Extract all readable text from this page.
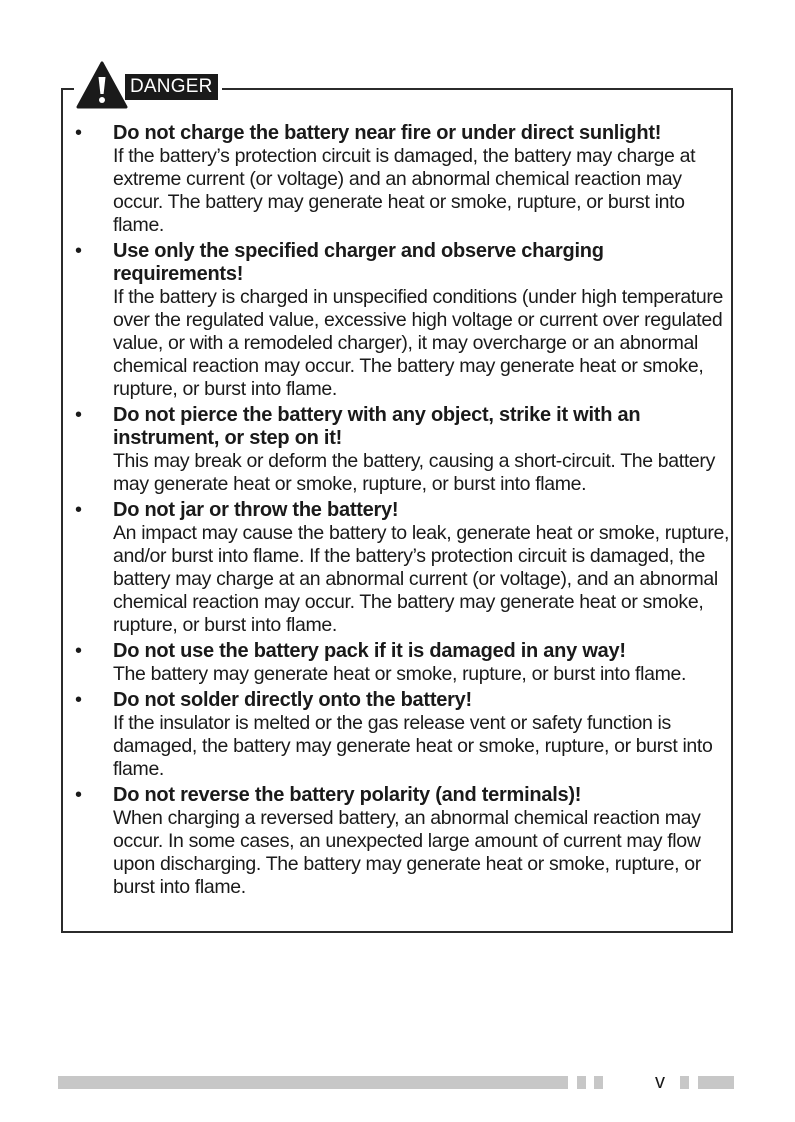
DANGER
• Do not charge the battery near fire or under direct sunlight!
If the battery’s protection circuit is damaged, the battery may charge at extreme current (or voltage) and an abnormal chemical reaction may occur. The battery may generate heat or smoke, rupture, or burst into flame.
• Use only the specified charger and observe charging requirements!
If the battery is charged in unspecified conditions (under high temperature over the regulated value, excessive high voltage or current over regulated value, or with a remodeled charger), it may overcharge or an abnormal chemical reaction may occur. The battery may generate heat or smoke, rupture, or burst into flame.
• Do not pierce the battery with any object, strike it with an instrument, or step on it!
This may break or deform the battery, causing a short-circuit. The battery may generate heat or smoke, rupture, or burst into flame.
• Do not jar or throw the battery!
An impact may cause the battery to leak, generate heat or smoke, rupture, and/or burst into flame. If the battery’s protection circuit is damaged, the battery may charge at an abnormal current (or voltage), and an abnormal chemical reaction may occur. The battery may generate heat or smoke, rupture, or burst into flame.
• Do not use the battery pack if it is damaged in any way!
The battery may generate heat or smoke, rupture, or burst into flame.
• Do not solder directly onto the battery!
If the insulator is melted or the gas release vent or safety function is damaged, the battery may generate heat or smoke, rupture, or burst into flame.
• Do not reverse the battery polarity (and terminals)!
When charging a reversed battery, an abnormal chemical reaction may occur. In some cases, an unexpected large amount of current may flow upon discharging. The battery may generate heat or smoke, rupture, or burst into flame.
v
